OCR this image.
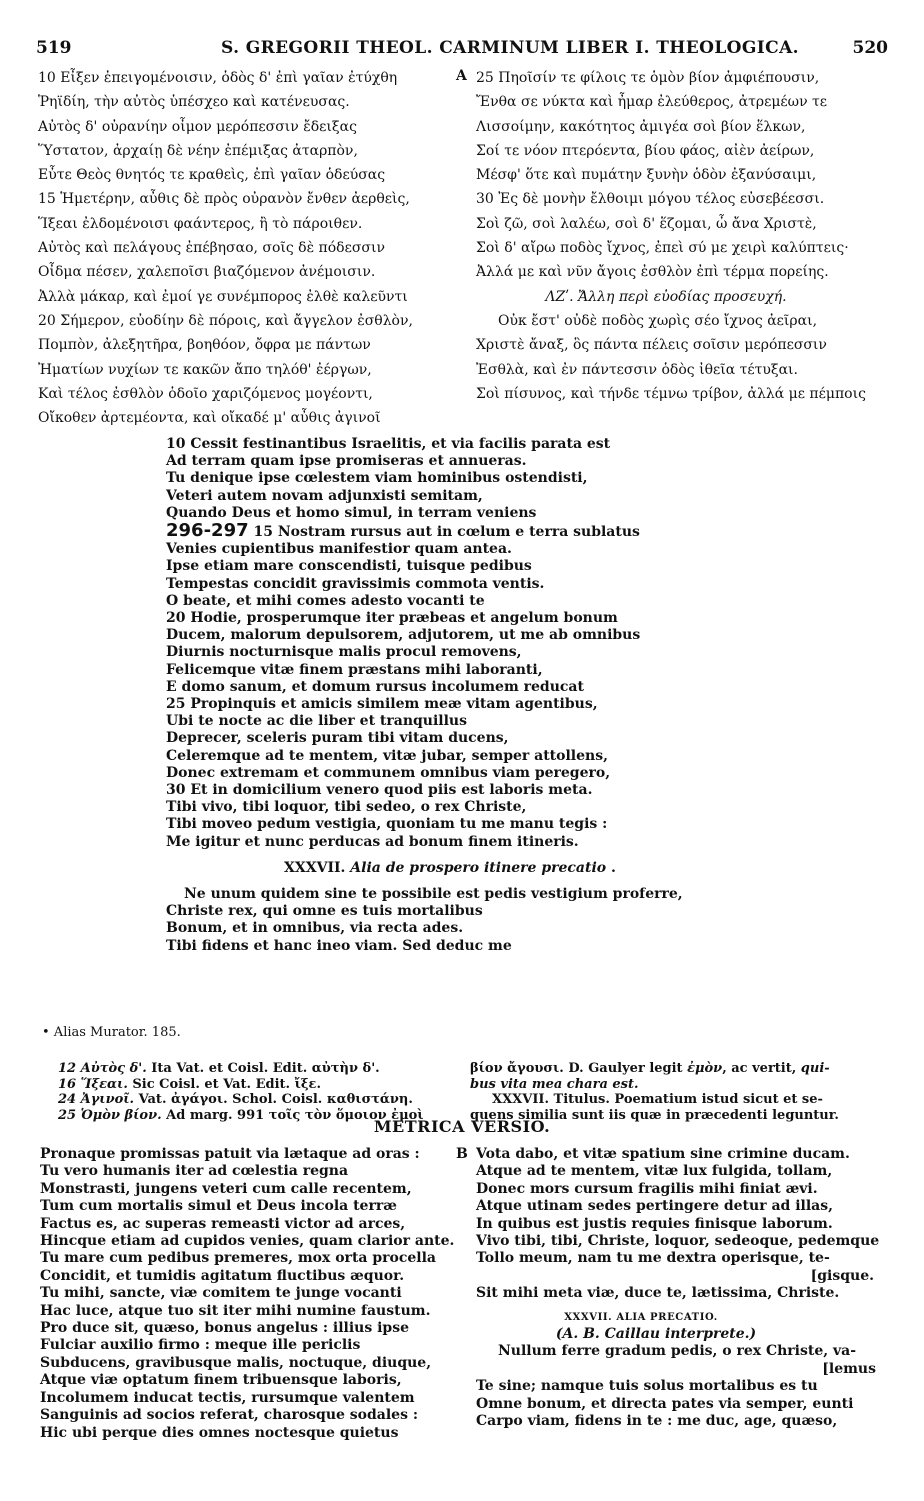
519	S. GREGORII THEOL. CARMINUM LIBER I. THEOLOGICA.	520
10 Εἶξεν ἐπειγομένοισιν, ὁδὸς δ' ἐπὶ γαῖαν ἐτύχθη
Ῥηϊδίη, τὴν αὐτὸς ὑπέσχεο καὶ κατένευσας.
Αὐτὸς δ' οὐρανίην οἶμον μερόπεσσιν ἔδειξας
Ὕστατον, ἀρχαίῃ δὲ νέην ἐπέμιξας ἀταρπὸν,
Εὖτε Θεὸς θνητός τε κραθεὶς, ἐπὶ γαῖαν ὁδεύσας
15 Ἡμετέρην, αὖθις δὲ πρὸς οὐρανὸν ἔνθεν ἀερθεὶς,
Ἵξεαι ἐλδομένοισι φαάντερος, ἢ τὸ πάροιθεν.
Αὐτὸς καὶ πελάγους ἐπέβησαο, σοῖς δὲ πόδεσσιν
Οἶδμα πέσεν, χαλεποῖσι βιαζόμενον ἀνέμοισιν.
Ἀλλὰ μάκαρ, καὶ ἐμοί γε συνέμπορος ἐλθὲ καλεῦντι
20 Σήμερον, εὐοδίην δὲ πόροις, καὶ ἄγγελον ἐσθλὸν,
Πομπὸν, ἀλεξητῆρα, βοηθόον, ὄφρα με πάντων
Ἠματίων νυχίων τε κακῶν ἄπο τηλόθ' ἐέργων,
Καὶ τέλος ἐσθλὸν ὁδοῖο χαριζόμενος μογέοντι,
Οἴκοθεν ἀρτεμέοντα, καὶ οἴκαδέ μ' αὖθις ἀγινοῖ
A 25 Πηοῖσίν τε φίλοις τε ὁμὸν βίον ἀμφιέπουσιν,
Ἔνθα σε νύκτα καὶ ἦμαρ ἐλεύθερος, ἀτρεμέων τε
Λισσοίμην, κακότητος ἀμιγέα σοὶ βίον ἕλκων,
Σοί τε νόον πτερόεντα, βίου φάος, αἰὲν ἀείρων,
Μέσφ' ὅτε καὶ πυμάτην ξυνὴν ὁδὸν ἐξανύσαιμι,
30 Ἐς δὲ μονὴν ἔλθοιμι μόγου τέλος εὐσεβέεσσι.
Σοὶ ζῶ, σοὶ λαλέω, σοὶ δ' ἕζομαι, ὦ ἄνα Χριστὲ,
Σοὶ δ' αἴρω ποδὸς ἴχνος, ἐπεὶ σύ με χειρὶ καλύπτεις·
Ἀλλά με καὶ νῦν ἄγοις ἐσθλὸν ἐπὶ τέρμα πορείης.
ΛΖʹ. Ἄλλη περὶ εὐοδίας προσευχή.
Οὐκ ἔστ' οὐδὲ ποδὸς χωρὶς σέο ἴχνος ἀεῖραι,
Χριστὲ ἄναξ, ὃς πάντα πέλεις σοῖσιν μερόπεσσιν
Ἐσθλὰ, καὶ ἐν πάντεσσιν ὁδὸς ἰθεῖα τέτυξαι.
Σοὶ πίσυνος, καὶ τήνδε τέμνω τρίβον, ἀλλά με πέμποις
10 Cessit festinantibus Israelitis, et via facilis parata est
Ad terram quam ipse promiseras et annueras.
Tu denique ipse cœlestem viam hominibus ostendisti,
Veteri autem novam adjunxisti semitam,
Quando Deus et homo simul, in terram veniens
296-297 15 Nostram rursus aut in cœlum e terra sublatus
Venies cupientibus manifestior quam antea.
Ipse etiam mare conscendisti, tuisque pedibus
Tempestas concidit gravissimis commota ventis.
O beate, et mihi comes adesto vocanti te
20 Hodie, prosperumque iter præbeas et angelum bonum
Ducem, malorum depulsorem, adjutorem, ut me ab omnibus
Diurnis nocturnisque malis procul removens,
Felicemque vitæ finem præstans mihi laboranti,
E domo sanum, et domum rursus incolumem reducat
25 Propinquis et amicis similem meæ vitam agentibus,
Ubi te nocte ac die liber et tranquillus
Deprecer, sceleris puram tibi vitam ducens,
Celeremque ad te mentem, vitæ jubar, semper attollens,
Donec extremam et communem omnibus viam peregero,
30 Et in domicilium venero quod piis est laboris meta.
Tibi vivo, tibi loquor, tibi sedeo, o rex Christe,
Tibi moveo pedum vestigia, quoniam tu me manu tegis :
Me igitur et nunc perducas ad bonum finem itineris.
XXXVII. Alia de prospero itinere precatio .
Ne unum quidem sine te possibile est pedis vestigium proferre,
Christe rex, qui omne es tuis mortalibus
Bonum, et in omnibus, via recta ades.
Tibi fidens et hanc ineo viam. Sed deduc me
• Alias Murator. 185.
12 Αὐτὸς δ'. Ita Vat. et Coisl. Edit. αὐτὴν δ'.
16 Ἵξεαι. Sic Coisl. et Vat. Edit. ἴξε.
24 Ἀγινοῖ. Vat. ἀγάγοι. Schol. Coisl. καθιστάνη.
25 Ὁμὸν βίον. Ad marg. 991 τοῖς τὸν ὅμοιον ἐμοὶ
βίον ἄγουσι. D. Gaulyer legit ἐμὸν, ac vertit, qui-
bus vita mea chara est.
XXXVII. Titulus. Poematium istud sicut et se-
quens similia sunt iis quæ in præcedenti leguntur.
METRICA VERSIO.
Pronaque promissas patuit via lætaque ad oras :
Tu vero humanis iter ad cœlestia regna
Monstrasti, jungens veteri cum calle recentem,
Tum cum mortalis simul et Deus incola terræ
Factus es, ac superas remeasti victor ad arces,
Hincque etiam ad cupidos venies, quam clarior ante.
Tu mare cum pedibus premeres, mox orta procella
Concidit, et tumidis agitatum fluctibus æquor.
Tu mihi, sancte, viæ comitem te junge vocanti
Hac luce, atque tuo sit iter mihi numine faustum.
Pro duce sit, quæso, bonus angelus : illius ipse
Fulciar auxilio firmo : meque ille periclis
Subducens, gravibusque malis, noctuque, diuque,
Atque viæ optatum finem tribuensque laboris,
Incolumem inducat tectis, rursumque valentem
Sanguinis ad socios referat, charosque sodales :
Hic ubi perque dies omnes noctesque quietus
B Vota dabo, et vitæ spatium sine crimine ducam.
Atque ad te mentem, vitæ lux fulgida, tollam,
Donec mors cursum fragilis mihi finiat ævi.
Atque utinam sedes pertingere detur ad illas,
In quibus est justis requies finisque laborum.
Vivo tibi, tibi, Christe, loquor, sedeoque, pedemque
Tollo meum, nam tu me dextra operisque, te-
[gisque.
Sit mihi meta viæ, duce te, lætissima, Christe.
XXXVII. ALIA PRECATIO.
(A. B. Caillau interprete.)
Nullum ferre gradum pedis, o rex Christe, va-
[lemus
Te sine; namque tuis solus mortalibus es tu
Omne bonum, et directa pates via semper, eunti
Carpo viam, fidens in te : me duc, age, quæso,
